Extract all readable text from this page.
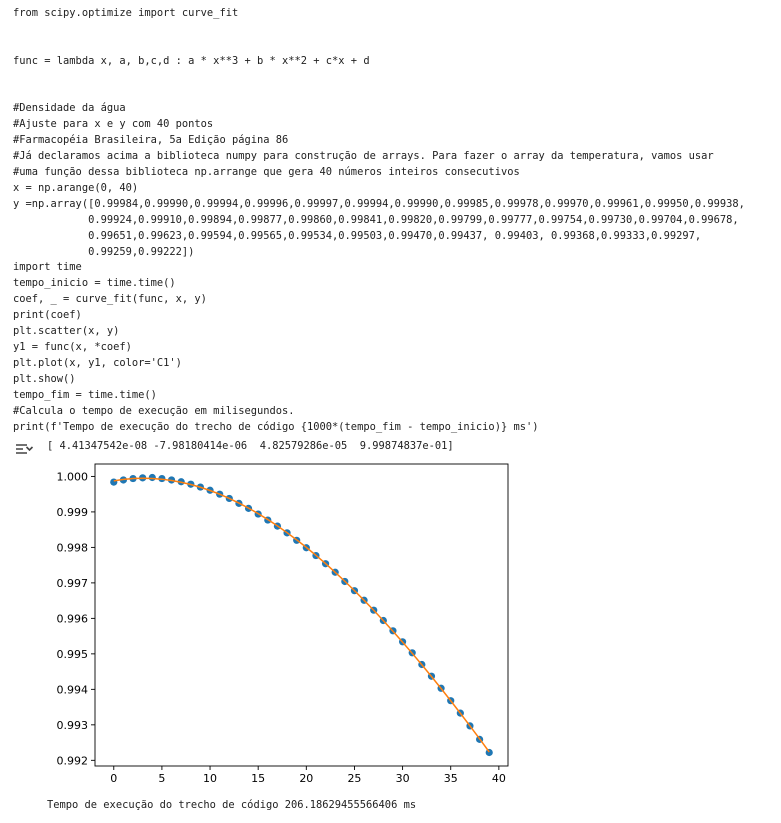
from scipy.optimize import curve_fit
func = lambda x, a, b,c,d : a * x**3 + b * x**2 + c*x + d
#Densidade da água
#Ajuste para x e y com 40 pontos
#Farmacopéia Brasileira, 5a Edição página 86
#Já declaramos acima a biblioteca numpy para construção de arrays. Para fazer o array da temperatura, vamos usar
#uma função dessa biblioteca np.arrange que gera 40 números inteiros consecutivos
x = np.arange(0, 40)
y =np.array([0.99984,0.99990,0.99994,0.99996,0.99997,0.99994,0.99990,0.99985,0.99978,0.99970,0.99961,0.99950,0.99938,
0.99924,0.99910,0.99894,0.99877,0.99860,0.99841,0.99820,0.99799,0.99777,0.99754,0.99730,0.99704,0.99678,
0.99651,0.99623,0.99594,0.99565,0.99534,0.99503,0.99470,0.99437, 0.99403, 0.99368,0.99333,0.99297,
0.99259,0.99222])
import time
tempo_inicio = time.time()
coef, _ = curve_fit(func, x, y)
print(coef)
plt.scatter(x, y)
y1 = func(x, *coef)
plt.plot(x, y1, color='C1')
plt.show()
tempo_fim = time.time()
#Calcula o tempo de execução em milisegundos.
print(f'Tempo de execução do trecho de código {1000*(tempo_fim - tempo_inicio)} ms')
[ 4.41347542e-08 -7.98180414e-06  4.82579286e-05  9.99874837e-01]
0	5	10	15	20	25	30	35	40
0.992
0.993
0.994
0.995
0.996
0.997
0.998
0.999
1.000
Tempo de execução do trecho de código 206.18629455566406 ms
